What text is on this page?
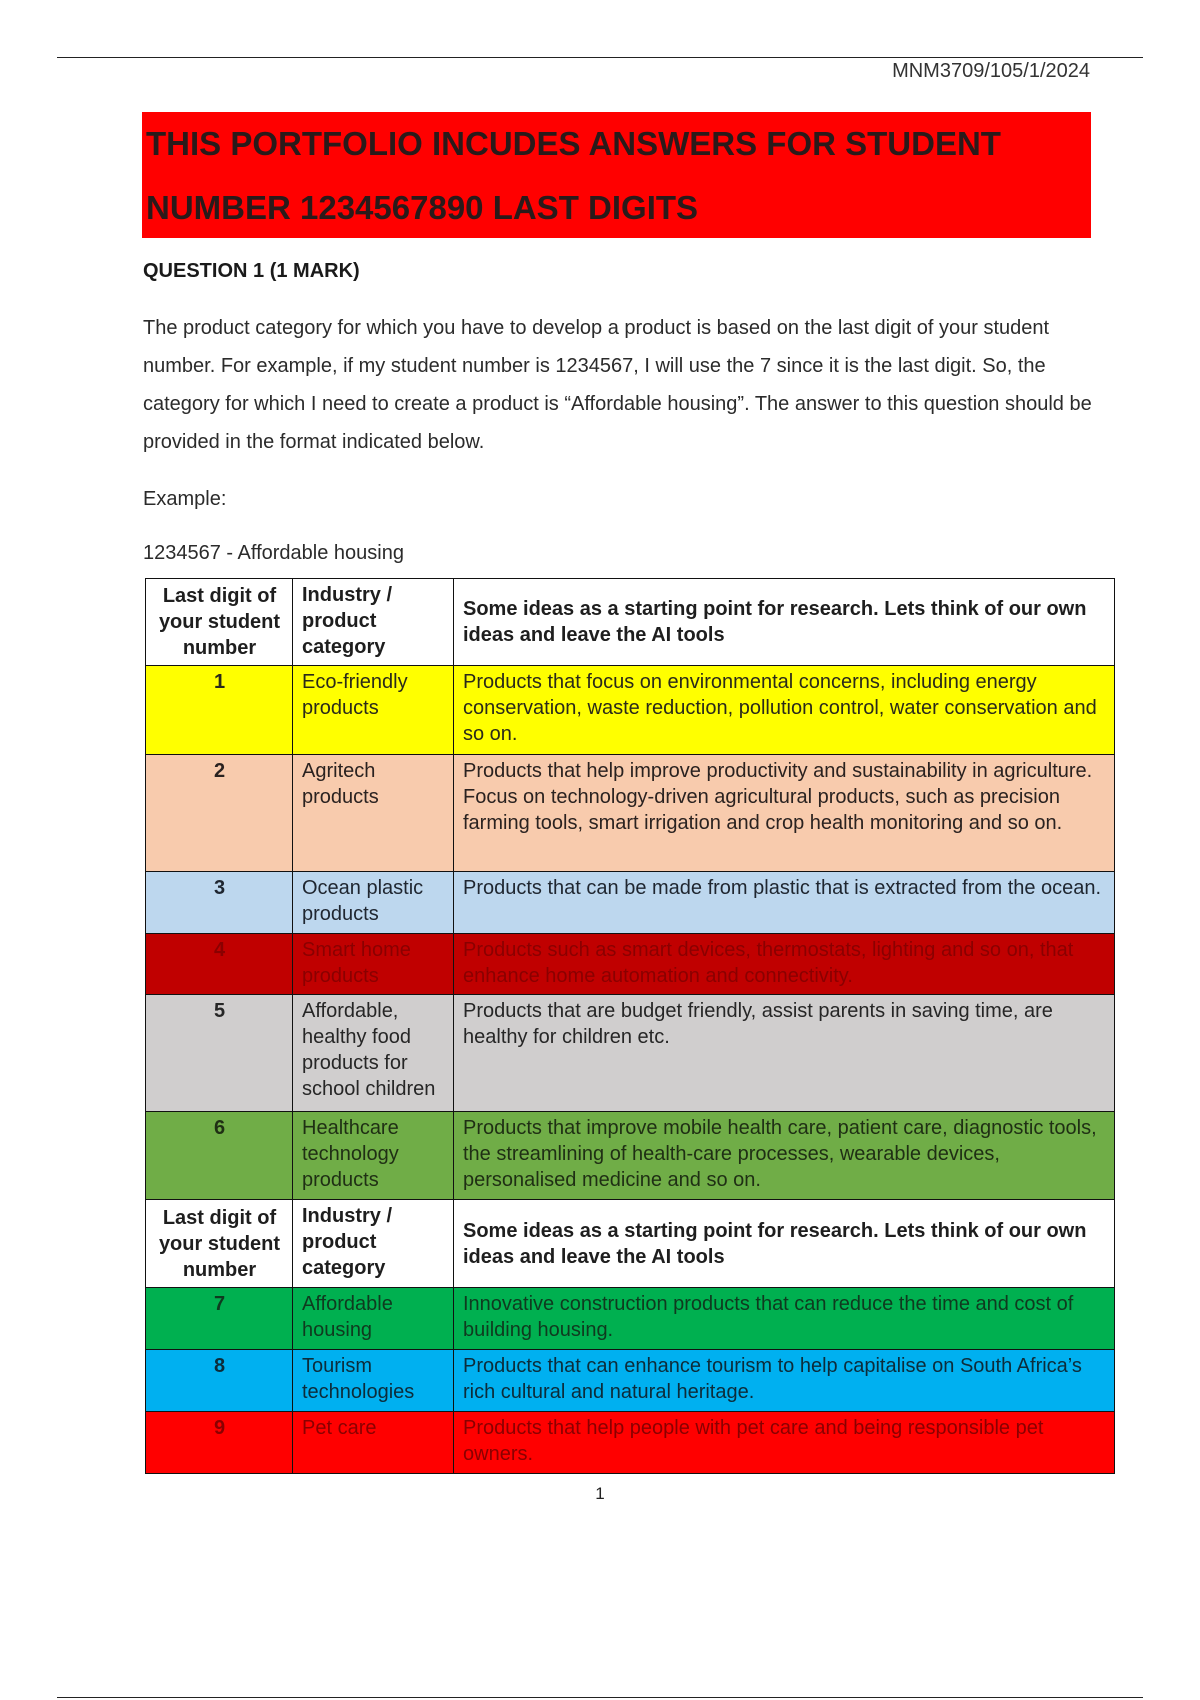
MNM3709/105/1/2024
THIS PORTFOLIO INCUDES ANSWERS FOR STUDENT
NUMBER 1234567890 LAST DIGITS
QUESTION 1 (1 MARK)

The product category for which you have to develop a product is based on the last digit of your student number. For example, if my student number is 1234567, I will use the 7 since it is the last digit. So, the category for which I need to create a product is “Affordable housing”. The answer to this question should be provided in the format indicated below.

Example:

1234567 - Affordable housing

Last digit of your student number	Industry / product category	Some ideas as a starting point for research. Lets think of our own ideas and leave the AI tools
1	Eco-friendly products	Products that focus on environmental concerns, including energy conservation, waste reduction, pollution control, water conservation and so on.
2	Agritech products	Products that help improve productivity and sustainability in agriculture. Focus on technology-driven agricultural products, such as precision farming tools, smart irrigation and crop health monitoring and so on.
3	Ocean plastic products	Products that can be made from plastic that is extracted from the ocean.
4	Smart home products	Products such as smart devices, thermostats, lighting and so on, that enhance home automation and connectivity.
5	Affordable, healthy food products for school children	Products that are budget friendly, assist parents in saving time, are healthy for children etc.
6	Healthcare technology products	Products that improve mobile health care, patient care, diagnostic tools, the streamlining of health-care processes, wearable devices, personalised medicine and so on.
Last digit of your student number	Industry / product category	Some ideas as a starting point for research. Lets think of our own ideas and leave the AI tools
7	Affordable housing	Innovative construction products that can reduce the time and cost of building housing.
8	Tourism technologies	Products that can enhance tourism to help capitalise on South Africa’s rich cultural and natural heritage.
9	Pet care	Products that help people with pet care and being responsible pet owners.
1
